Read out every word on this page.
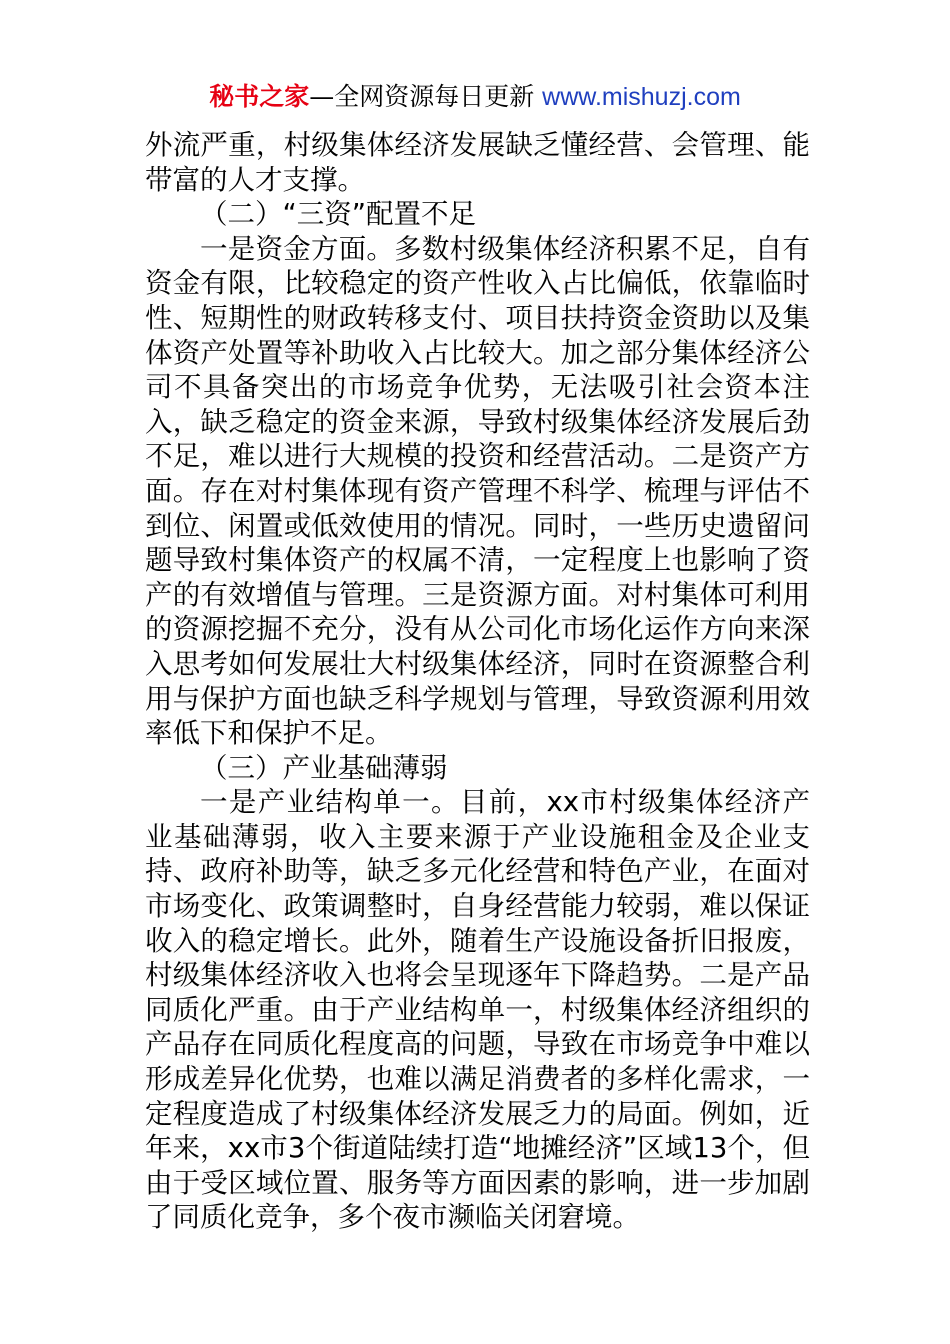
秘书之家—全网资源每日更新 www.mishuzj.com

外流严重，村级集体经济发展缺乏懂经营、会管理、能带富的人才支撑。

（二）“三资”配置不足

一是资金方面。多数村级集体经济积累不足，自有资金有限，比较稳定的资产性收入占比偏低，依靠临时性、短期性的财政转移支付、项目扶持资金资助以及集体资产处置等补助收入占比较大。加之部分集体经济公司不具备突出的市场竞争优势，无法吸引社会资本注入，缺乏稳定的资金来源，导致村级集体经济发展后劲不足，难以进行大规模的投资和经营活动。二是资产方面。存在对村集体现有资产管理不科学、梳理与评估不到位、闲置或低效使用的情况。同时，一些历史遗留问题导致村集体资产的权属不清，一定程度上也影响了资产的有效增值与管理。三是资源方面。对村集体可利用的资源挖掘不充分，没有从公司化市场化运作方向来深入思考如何发展壮大村级集体经济，同时在资源整合利用与保护方面也缺乏科学规划与管理，导致资源利用效率低下和保护不足。

（三）产业基础薄弱

一是产业结构单一。目前，xx市村级集体经济产业基础薄弱，收入主要来源于产业设施租金及企业支持、政府补助等，缺乏多元化经营和特色产业，在面对市场变化、政策调整时，自身经营能力较弱，难以保证收入的稳定增长。此外，随着生产设施设备折旧报废，村级集体经济收入也将会呈现逐年下降趋势。二是产品同质化严重。由于产业结构单一，村级集体经济组织的产品存在同质化程度高的问题，导致在市场竞争中难以形成差异化优势，也难以满足消费者的多样化需求，一定程度造成了村级集体经济发展乏力的局面。例如，近年来，xx市3个街道陆续打造“地摊经济”区域13个，但由于受区域位置、服务等方面因素的影响，进一步加剧了同质化竞争，多个夜市濒临关闭窘境。
